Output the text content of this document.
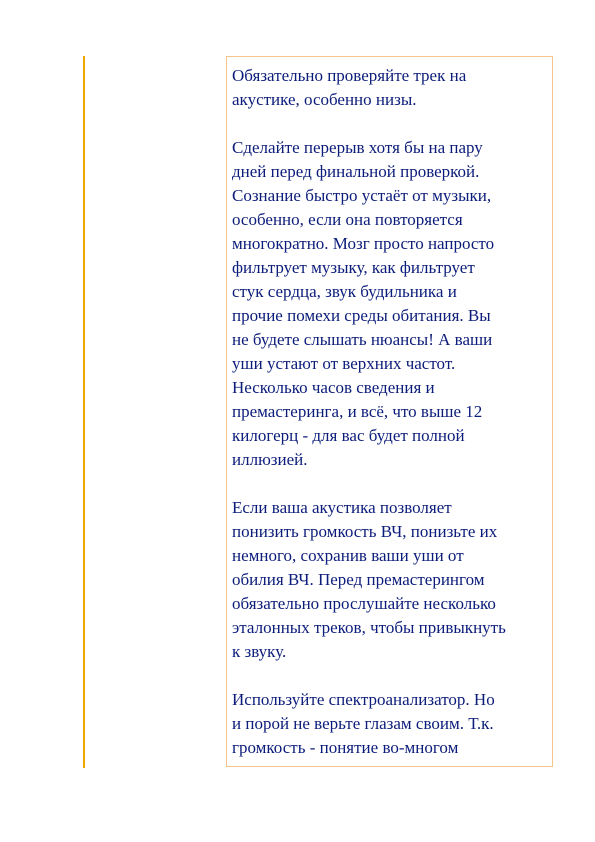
Обязательно проверяйте трек на
акустике, особенно низы.

Сделайте перерыв хотя бы на пару
дней перед финальной проверкой.
Сознание быстро устаёт от музыки,
особенно, если она повторяется
многократно. Мозг просто напросто
фильтрует музыку, как фильтрует
стук сердца, звук будильника и
прочие помехи среды обитания. Вы
не будете слышать нюансы! А ваши
уши устают от верхних частот.
Несколько часов сведения и
премастеринга, и всё, что выше 12
килогерц - для вас будет полной
иллюзией.

Если ваша акустика позволяет
понизить громкость ВЧ, понизьте их
немного, сохранив ваши уши от
обилия ВЧ. Перед премастерингом
обязательно прослушайте несколько
эталонных треков, чтобы привыкнуть
к звуку.

Используйте спектроанализатор. Но
и порой не верьте глазам своим. Т.к.
громкость - понятие во-многом
